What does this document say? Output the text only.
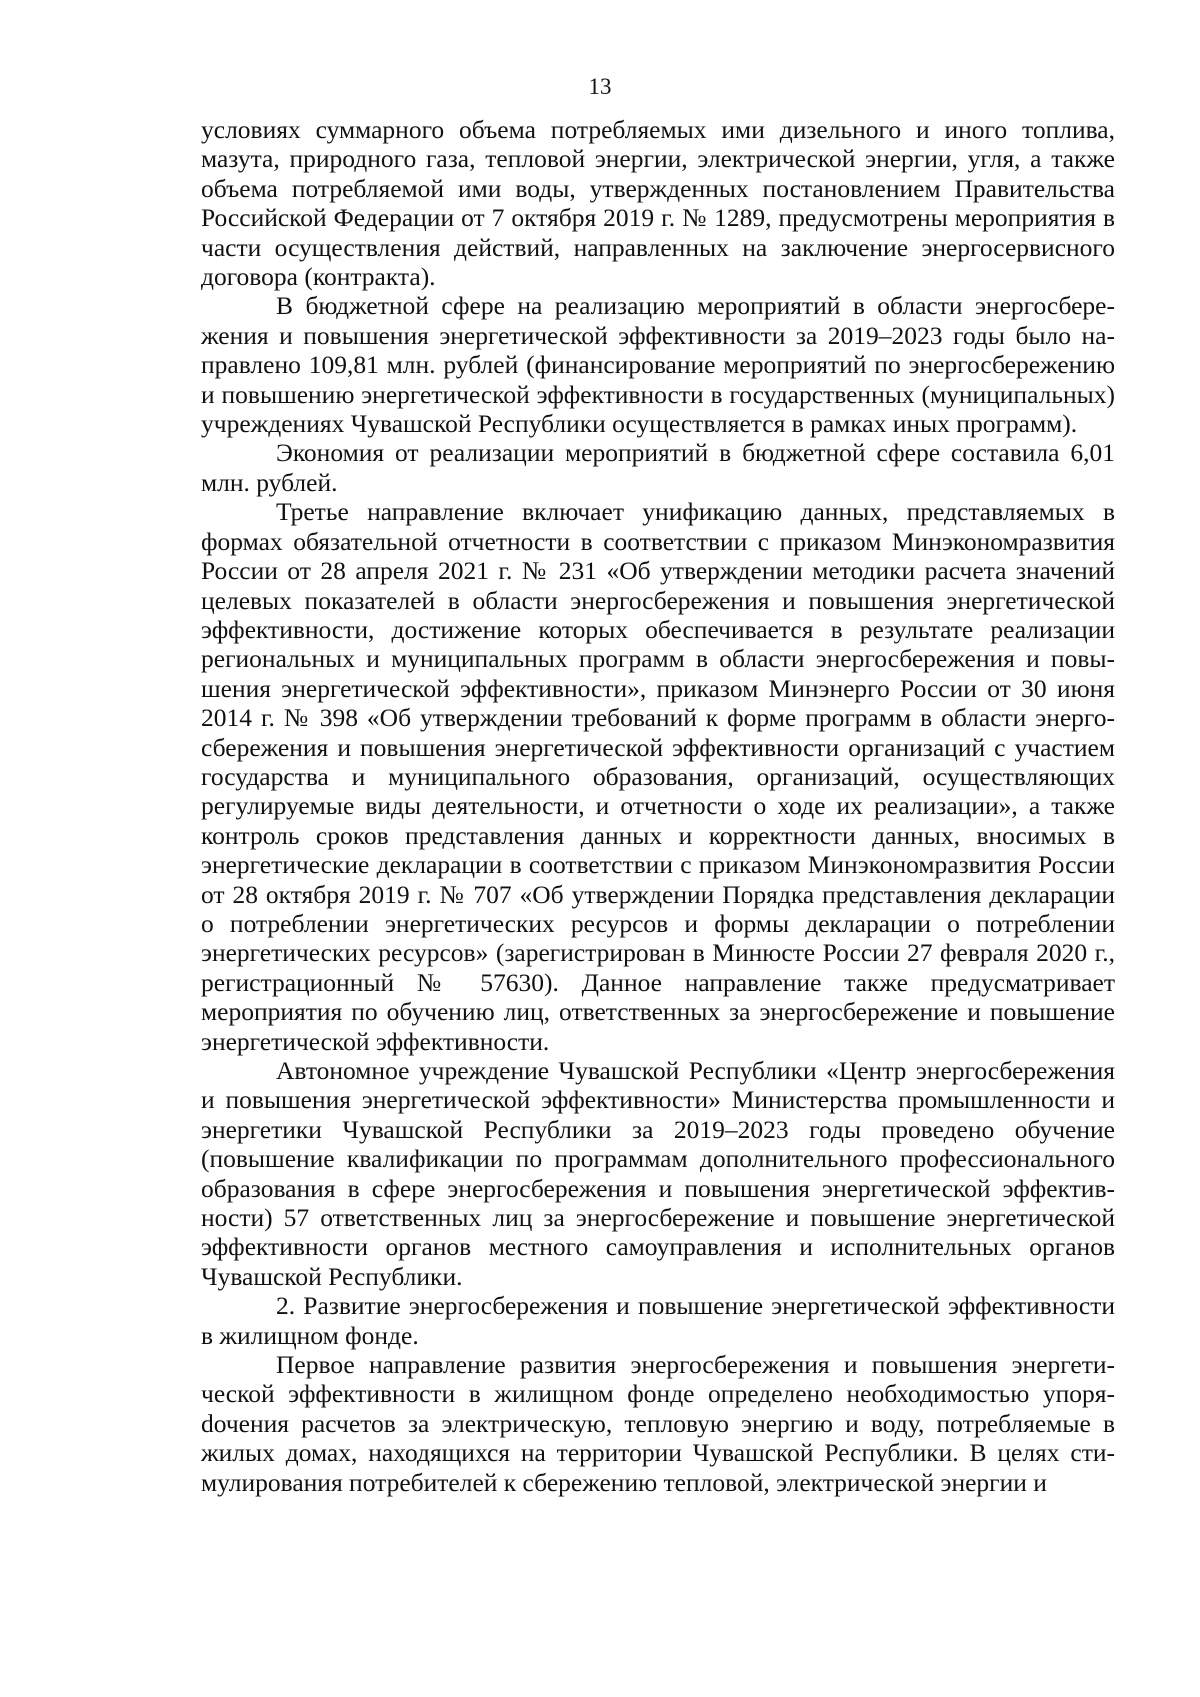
13

условиях суммарного объема потребляемых ими дизельного и иного топлива, мазута, природного газа, тепловой энергии, электрической энергии, угля, а также объема потребляемой ими воды, утвержденных постановлением Правительства Российской Федерации от 7 октября 2019 г. № 1289, предусмотрены мероприятия в части осуществления действий, направленных на заключение энергосервисного договора (контракта).

В бюджетной сфере на реализацию мероприятий в области энергосбережения и повышения энергетической эффективности за 2019–2023 годы было направлено 109,81 млн. рублей (финансирование мероприятий по энергосбережению и повышению энергетической эффективности в государственных (муниципальных) учреждениях Чувашской Республики осуществляется в рамках иных программ).

Экономия от реализации мероприятий в бюджетной сфере составила 6,01 млн. рублей.

Третье направление включает унификацию данных, представляемых в формах обязательной отчетности в соответствии с приказом Минэкономразвития России от 28 апреля 2021 г. № 231 «Об утверждении методики расчета значений целевых показателей в области энергосбережения и повышения энергетической эффективности, достижение которых обеспечивается в результате реализации региональных и муниципальных программ в области энергосбережения и повышения энергетической эффективности», приказом Минэнерго России от 30 июня 2014 г. № 398 «Об утверждении требований к форме программ в области энергосбережения и повышения энергетической эффективности организаций с участием государства и муниципального образования, организаций, осуществляющих регулируемые виды деятельности, и отчетности о ходе их реализации», а также контроль сроков представления данных и корректности данных, вносимых в энергетические декларации в соответствии с приказом Минэкономразвития России от 28 октября 2019 г. № 707 «Об утверждении Порядка представления декларации о потреблении энергетических ресурсов и формы декларации о потреблении энергетических ресурсов» (зарегистрирован в Минюсте России 27 февраля 2020 г., регистрационный № 57630). Данное направление также предусматривает мероприятия по обучению лиц, ответственных за энергосбережение и повышение энергетической эффективности.

Автономное учреждение Чувашской Республики «Центр энергосбережения и повышения энергетической эффективности» Министерства промышленности и энергетики Чувашской Республики за 2019–2023 годы проведено обучение (повышение квалификации по программам дополнительного профессионального образования в сфере энергосбережения и повышения энергетической эффективности) 57 ответственных лиц за энергосбережение и повышение энергетической эффективности органов местного самоуправления и исполнительных органов Чувашской Республики.

2. Развитие энергосбережения и повышение энергетической эффективности в жилищном фонде.

Первое направление развития энергосбережения и повышения энергетической эффективности в жилищном фонде определено необходимостью упоряdочения расчетов за электрическую, тепловую энергию и воду, потребляемые в жилых домах, находящихся на территории Чувашской Республики. В целях стимулирования потребителей к сбережению тепловой, электрической энергии и
